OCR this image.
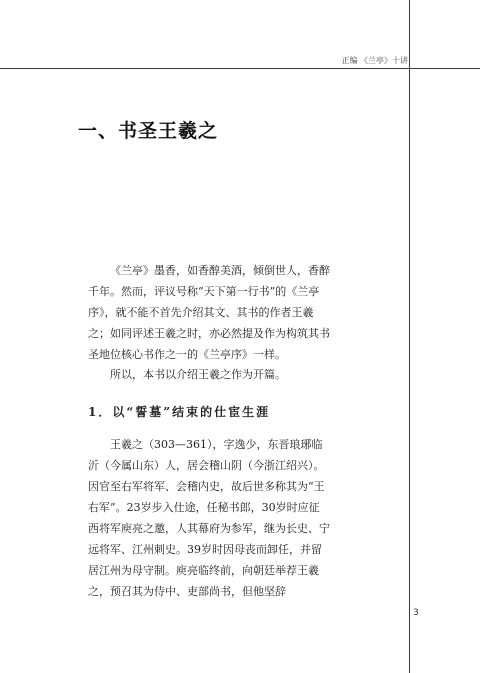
正编 《兰亭》十讲
一、书圣王羲之

《兰亭》墨香，如香醇美酒，倾倒世人，香醉千年。然而，评议号称“天下第一行书”的《兰亭序》，就不能不首先介绍其文、其书的作者王羲之；如同评述王羲之时，亦必然提及作为构筑其书圣地位核心书作之一的《兰亭序》一样。

所以，本书以介绍王羲之作为开篇。

1．以“誓墓”结束的仕宦生涯

王羲之（303—361），字逸少，东晋琅琊临沂（今属山东）人，居会稽山阴（今浙江绍兴）。因官至右军将军、会稽内史，故后世多称其为“王右军”。23岁步入仕途，任秘书郎，30岁时应征西将军庾亮之邀，人其幕府为参军，继为长史、宁远将军、江州刺史。39岁时因母丧而卸任，并留居江州为母守制。庾亮临终前，向朝廷举荐王羲之，预召其为侍中、吏部尚书，但他坚辞

3
